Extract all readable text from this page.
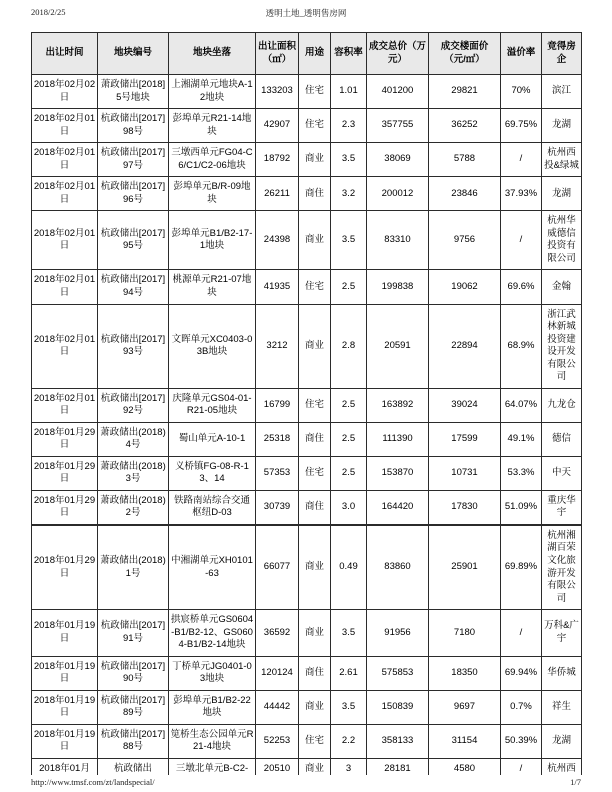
2018/2/25	透明土地_透明售房网
出让时间	地块编号	地块坐落	出让面积（㎡）	用途	容积率	成交总价（万元）	成交楼面价（元/㎡）	溢价率	竞得房企
2018年02月02日	萧政储出[2018]5号地块	上湘湖单元地块A-12地块	133203	住宅	1.01	401200	29821	70%	滨江
2018年02月01日	杭政储出[2017]98号	彭埠单元R21-14地块	42907	住宅	2.3	357755	36252	69.75%	龙湖
2018年02月01日	杭政储出[2017]97号	三墩西单元FG04-C6/C1/C2-06地块	18792	商业	3.5	38069	5788	/	杭州西投&绿城
2018年02月01日	杭政储出[2017]96号	彭埠单元B/R-09地块	26211	商住	3.2	200012	23846	37.93%	龙湖
2018年02月01日	杭政储出[2017]95号	彭埠单元B1/B2-17-1地块	24398	商业	3.5	83310	9756	/	杭州华威德信投资有限公司
2018年02月01日	杭政储出[2017]94号	桃源单元R21-07地块	41935	住宅	2.5	199838	19062	69.6%	金翰
2018年02月01日	杭政储出[2017]93号	文晖单元XC0403-03B地块	3212	商业	2.8	20591	22894	68.9%	浙江武林新城投资建设开发有限公司
2018年02月01日	杭政储出[2017]92号	庆隆单元GS04-01-R21-05地块	16799	住宅	2.5	163892	39024	64.07%	九龙仓
2018年01月29日	萧政储出(2018)4号	蜀山单元A-10-1	25318	商住	2.5	111390	17599	49.1%	德信
2018年01月29日	萧政储出(2018)3号	义桥镇FG-08-R-13、14	57353	住宅	2.5	153870	10731	53.3%	中天
2018年01月29日	萧政储出(2018)2号	铁路南站综合交通枢纽D-03	30739	商住	3.0	164420	17830	51.09%	重庆华宇
2018年01月29日	萧政储出(2018)1号	中湘湖单元XH0101-63	66077	商业	0.49	83860	25901	69.89%	杭州湘湖百荣文化旅游开发有限公司
2018年01月19日	杭政储出[2017]91号	拱宸桥单元GS0604-B1/B2-12、GS0604-B1/B2-14地块	36592	商业	3.5	91956	7180	/	万科&广宇
2018年01月19日	杭政储出[2017]90号	丁桥单元JG0401-03地块	120124	商住	2.61	575853	18350	69.94%	华侨城
2018年01月19日	杭政储出[2017]89号	彭埠单元B1/B2-22地块	44442	商业	3.5	150839	9697	0.7%	祥生
2018年01月19日	杭政储出[2017]88号	笕桥生态公园单元R21-4地块	52253	住宅	2.2	358133	31154	50.39%	龙湖
2018年01月	杭政储出	三墩北单元B-C2-	20510	商业	3	28181	4580	/	杭州西
http://www.tmsf.com/zt/landspecial/	1/7
